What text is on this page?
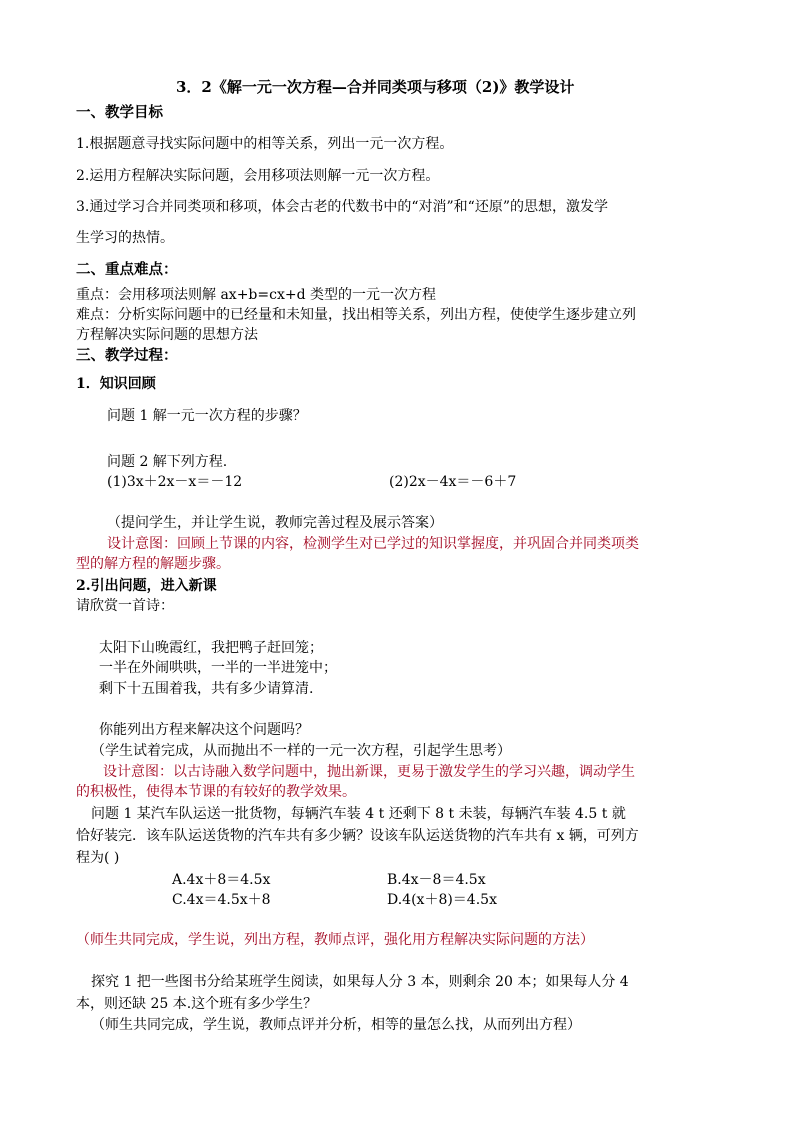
3．2《解一元一次方程—合并同类项与移项（2)》教学设计
一、教学目标
1.根据题意寻找实际问题中的相等关系，列出一元一次方程。
2.运用方程解决实际问题，会用移项法则解一元一次方程。
3.通过学习合并同类项和移项，体会古老的代数书中的“对消”和“还原”的思想，激发学
生学习的热情。
二、重点难点：
重点：会用移项法则解 ax+b=cx+d 类型的一元一次方程
难点：分析实际问题中的已经量和未知量，找出相等关系，列出方程，使使学生逐步建立列
方程解决实际问题的思想方法
三、教学过程：
1．知识回顾
问题 1 解一元一次方程的步骤？
问题 2 解下列方程.
(1)3x＋2x－x＝－12	(2)2x－4x＝－6＋7
（提问学生，并让学生说，教师完善过程及展示答案）
设计意图：回顾上节课的内容，检测学生对已学过的知识掌握度，并巩固合并同类项类
型的解方程的解题步骤。
2.引出问题，进入新课
请欣赏一首诗：
太阳下山晚霞红，我把鸭子赶回笼；
一半在外闹哄哄，一半的一半进笼中；
剩下十五围着我，共有多少请算清.
你能列出方程来解决这个问题吗？
（学生试着完成，从而抛出不一样的一元一次方程，引起学生思考）
设计意图：以古诗融入数学问题中，抛出新课，更易于激发学生的学习兴趣，调动学生
的积极性，使得本节课的有较好的教学效果。
问题 1 某汽车队运送一批货物，每辆汽车装 4 t 还剩下 8 t 未装，每辆汽车装 4.5 t 就
恰好装完．该车队运送货物的汽车共有多少辆？设该车队运送货物的汽车共有 x 辆，可列方
程为( )
A.4x＋8＝4.5x	B.4x－8＝4.5x
C.4x＝4.5x＋8	D.4(x＋8)＝4.5x
（师生共同完成，学生说，列出方程，教师点评，强化用方程解决实际问题的方法）
探究 1 把一些图书分给某班学生阅读，如果每人分 3 本，则剩余 20 本；如果每人分 4
本，则还缺 25 本.这个班有多少学生？
（师生共同完成，学生说，教师点评并分析，相等的量怎么找，从而列出方程）
